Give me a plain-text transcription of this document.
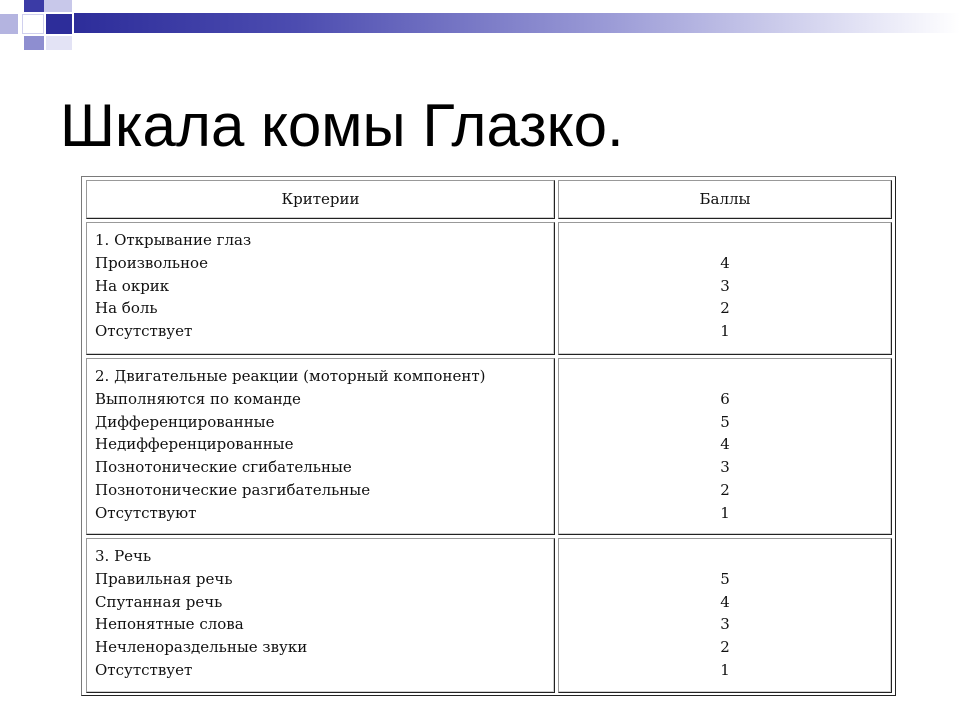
Шкала комы Глазко.
Критерии	Баллы
1. Открывание глаз
Произвольное
На окрик
На боль
Отсутствует
4
3
2
1
2. Двигательные реакции (моторный компонент)
Выполняются по команде
Дифференцированные
Недифференцированные
Познотонические сгибательные
Познотонические разгибательные
Отсутствуют
6
5
4
3
2
1
3. Речь
Правильная речь
Спутанная речь
Непонятные слова
Нечленораздельные звуки
Отсутствует
5
4
3
2
1
